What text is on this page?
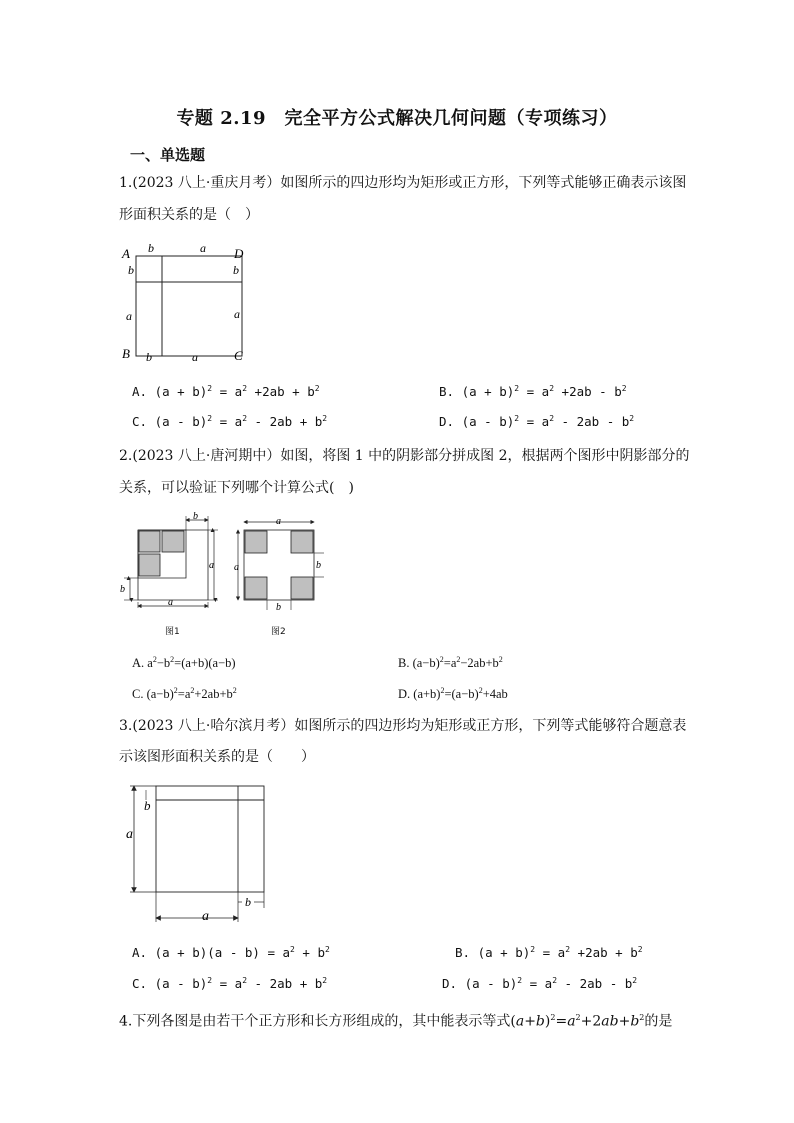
专题 2.19　完全平方公式解决几何问题（专项练习）
一、单选题
1.(2023 八上·重庆月考）如图所示的四边形均为矩形或正方形，下列等式能够正确表示该图
形面积关系的是（　）
A	D
B	C
b	a
b
a
b
a
b	a
A. $(a + b)^2 = a^2 +2ab + b^2$	B. $(a + b)^2 = a^2 +2ab - b^2$
C. $(a - b)^2 = a^2 - 2ab + b^2$	D. $(a - b)^2 = a^2 - 2ab - b^2$
2.(2023 八上·唐河期中）如图，将图 1 中的阴影部分拼成图 2，根据两个图形中阴影部分的
关系，可以验证下列哪个计算公式(　)
b
a
a
b
图1
a
a	b
b
图2
A. $a^2-b^2=(a+b)(a-b)$	B. $(a-b)^2=a^2-2ab+b^2$
C. $(a-b)^2=a^2+2ab+b^2$	D. $(a+b)^2=(a-b)^2+4ab$
3.(2023 八上·哈尔滨月考）如图所示的四边形均为矩形或正方形，下列等式能够符合题意表
示该图形面积关系的是（　　）
b
a
a
b
A. $(a + b)(a - b) = a^2 + b^2$	B. $(a + b)^2 = a^2 +2ab + b^2$
C. $(a - b)^2 = a^2 - 2ab + b^2$	D. $(a - b)^2 = a^2 - 2ab - b^2$
4.下列各图是由若干个正方形和长方形组成的，其中能表示等式$(a+b)^2=a^2+2ab+b^2$的是
